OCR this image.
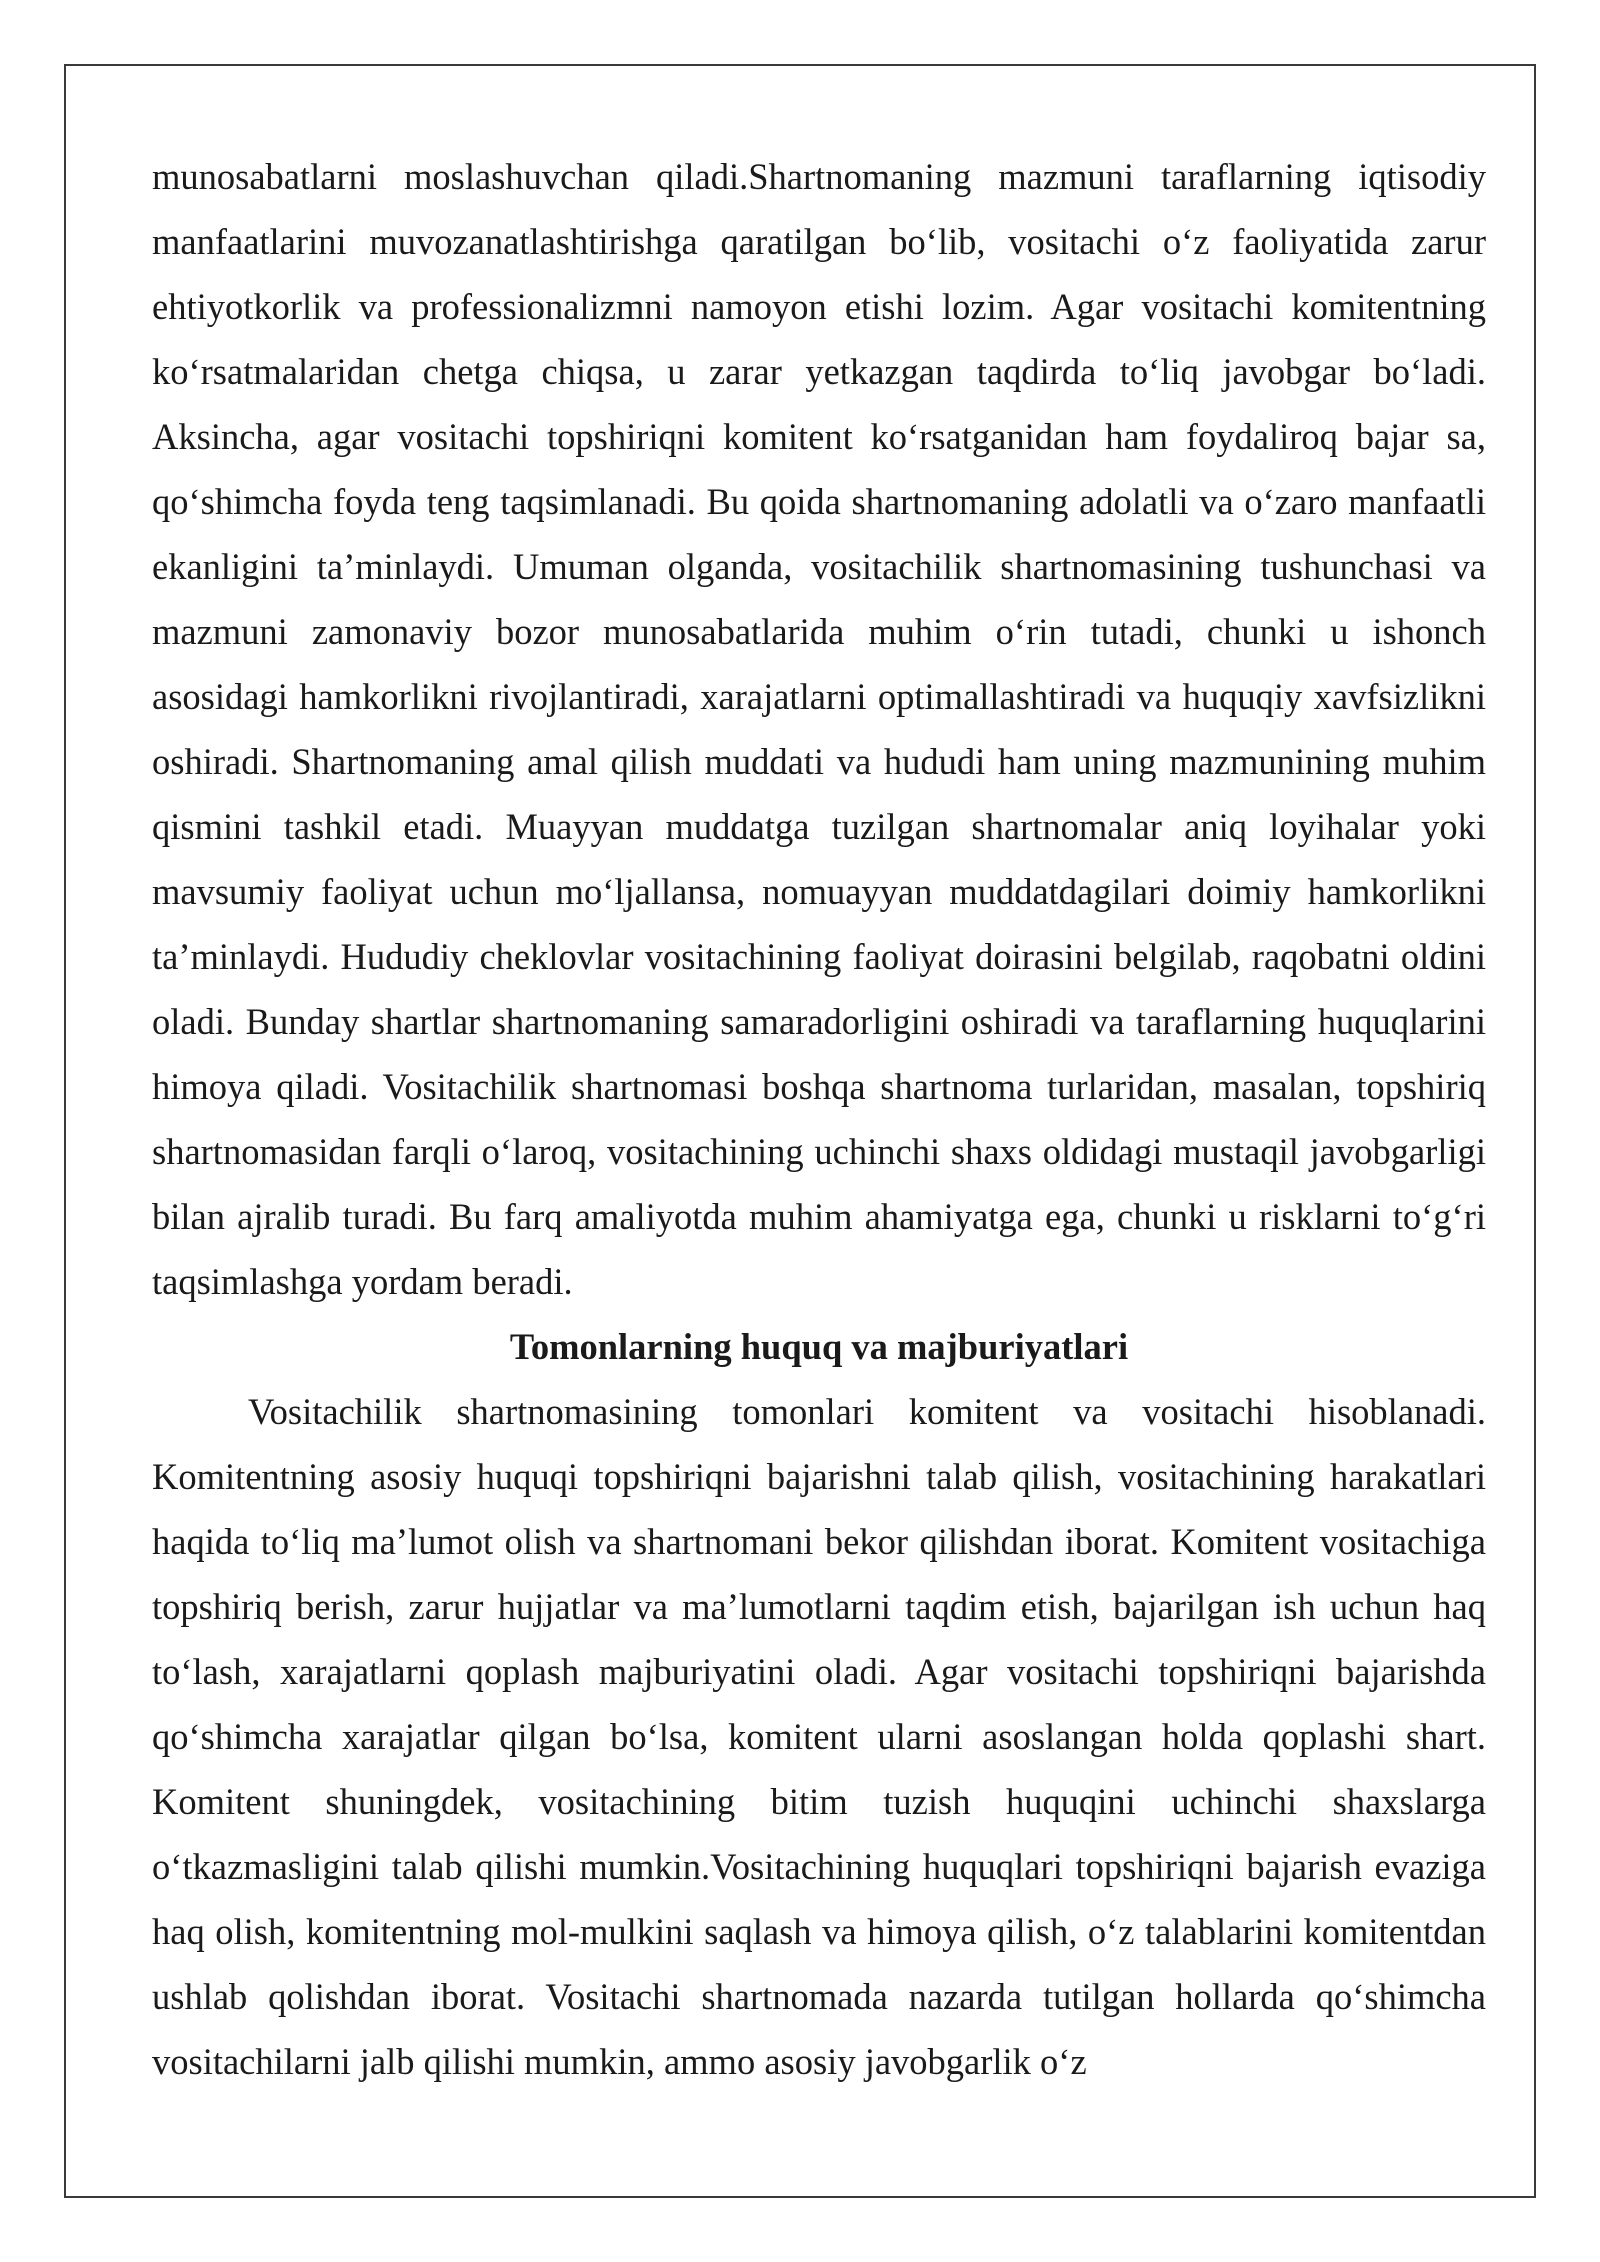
munosabatlarni moslashuvchan qiladi.Shartnomaning mazmuni taraflarning iqtisodiy manfaatlarini muvozanatlashtirishga qaratilgan bo‘lib, vositachi o‘z faoliyatida zarur ehtiyotkorlik va professionalizmni namoyon etishi lozim. Agar vositachi komitentning ko‘rsatmalaridan chetga chiqsa, u zarar yetkazgan taqdirda to‘liq javobgar bo‘ladi. Aksincha, agar vositachi topshiriqni komitent ko‘rsatganidan ham foydaliroq bajar sa, qo‘shimcha foyda teng taqsimlanadi. Bu qoida shartnomaning adolatli va o‘zaro manfaatli ekanligini ta’minlaydi. Umuman olganda, vositachilik shartnomasining tushunchasi va mazmuni zamonaviy bozor munosabatlarida muhim o‘rin tutadi, chunki u ishonch asosidagi hamkorlikni rivojlantiradi, xarajatlarni optimallashtiradi va huquqiy xavfsizlikni oshiradi. Shartnomaning amal qilish muddati va hududi ham uning mazmunining muhim qismini tashkil etadi. Muayyan muddatga tuzilgan shartnomalar aniq loyihalar yoki mavsumiy faoliyat uchun mo‘ljallansa, nomuayyan muddatdagilari doimiy hamkorlikni ta’minlaydi. Hududiy cheklovlar vositachining faoliyat doirasini belgilab, raqobatni oldini oladi. Bunday shartlar shartnomaning samaradorligini oshiradi va taraflarning huquqlarini himoya qiladi. Vositachilik shartnomasi boshqa shartnoma turlaridan, masalan, topshiriq shartnomasidan farqli o‘laroq, vositachining uchinchi shaxs oldidagi mustaqil javobgarligi bilan ajralib turadi. Bu farq amaliyotda muhim ahamiyatga ega, chunki u risklarni to‘g‘ri taqsimlashga yordam beradi.

Tomonlarning huquq va majburiyatlari

Vositachilik shartnomasining tomonlari komitent va vositachi hisoblanadi. Komitentning asosiy huquqi topshiriqni bajarishni talab qilish, vositachining harakatlari haqida to‘liq ma’lumot olish va shartnomani bekor qilishdan iborat. Komitent vositachiga topshiriq berish, zarur hujjatlar va ma’lumotlarni taqdim etish, bajarilgan ish uchun haq to‘lash, xarajatlarni qoplash majburiyatini oladi. Agar vositachi topshiriqni bajarishda qo‘shimcha xarajatlar qilgan bo‘lsa, komitent ularni asoslangan holda qoplashi shart. Komitent shuningdek, vositachining bitim tuzish huquqini uchinchi shaxslarga o‘tkazmasligini talab qilishi mumkin.Vositachining huquqlari topshiriqni bajarish evaziga haq olish, komitentning mol-mulkini saqlash va himoya qilish, o‘z talablarini komitentdan ushlab qolishdan iborat. Vositachi shartnomada nazarda tutilgan hollarda qo‘shimcha vositachilarni jalb qilishi mumkin, ammo asosiy javobgarlik o‘z
